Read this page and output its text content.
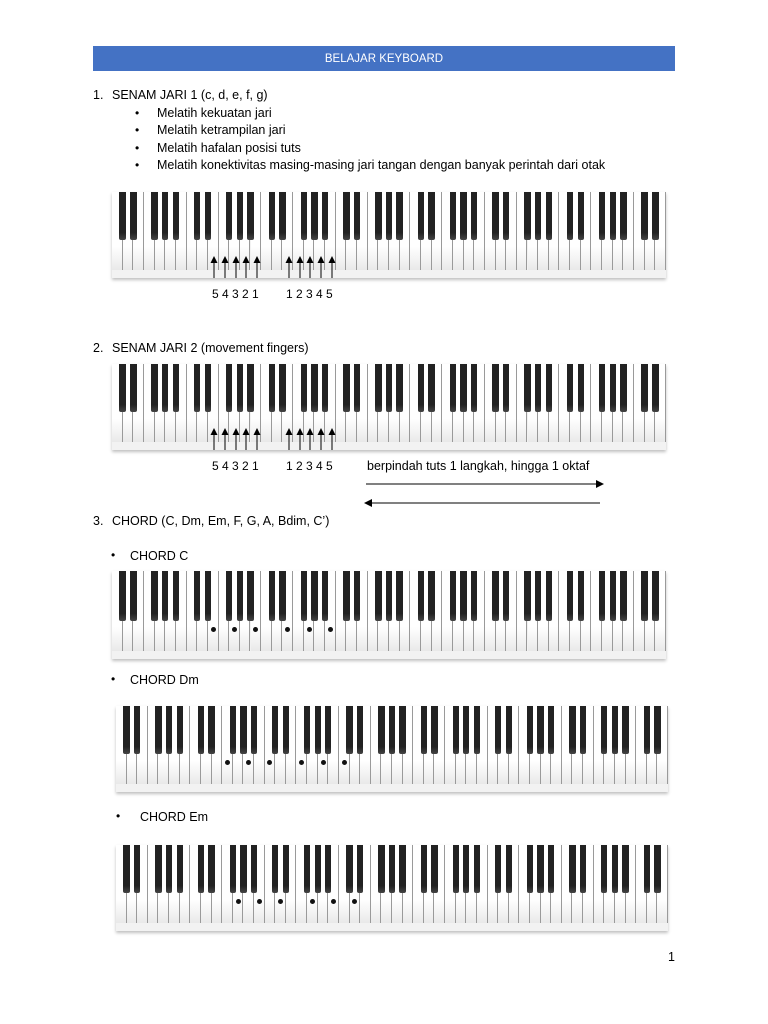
BELAJAR KEYBOARD
1. SENAM JARI 1 (c, d, e, f, g)
• Melatih kekuatan jari
• Melatih ketrampilan jari
• Melatih hafalan posisi tuts
• Melatih konektivitas masing-masing jari tangan dengan banyak perintah dari otak
5 4 3 2 1 1 2 3 4 5
2. SENAM JARI 2 (movement fingers)
5 4 3 2 1 1 2 3 4 5	berpindah tuts 1 langkah, hingga 1 oktaf
3. CHORD (C, Dm, Em, F, G, A, Bdim, C’)
• CHORD C
• CHORD Dm
• CHORD Em
1
